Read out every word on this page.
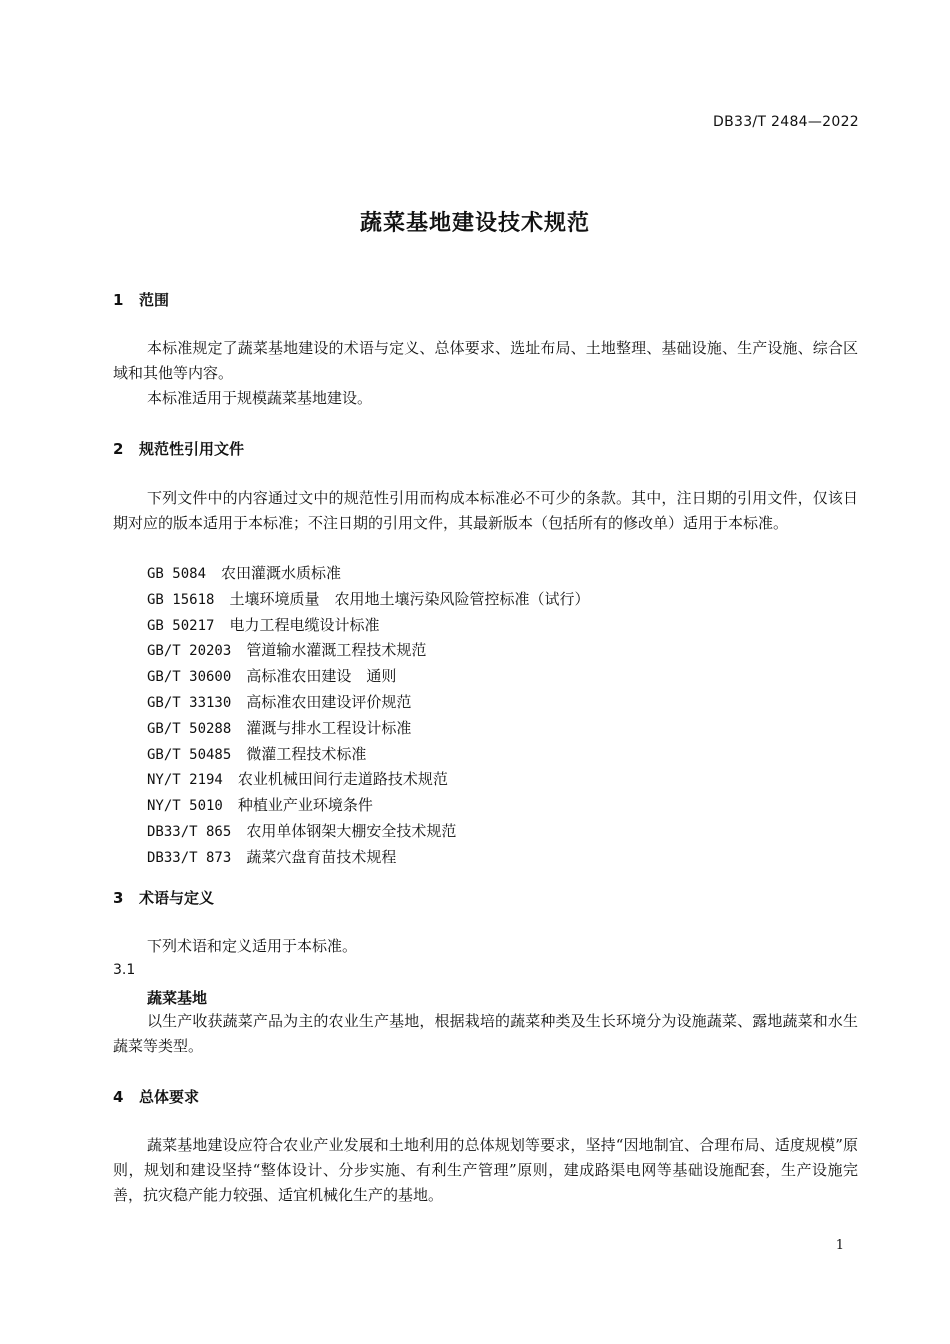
DB33/T 2484—2022
蔬菜基地建设技术规范
1 范围

本标准规定了蔬菜基地建设的术语与定义、总体要求、选址布局、土地整理、基础设施、生产设施、综合区域和其他等内容。

本标准适用于规模蔬菜基地建设。

2 规范性引用文件

下列文件中的内容通过文中的规范性引用而构成本标准必不可少的条款。其中，注日期的引用文件，仅该日期对应的版本适用于本标准；不注日期的引用文件，其最新版本（包括所有的修改单）适用于本标准。

GB 5084　 农田灌溉水质标准
GB 15618　 土壤环境质量　农用地土壤污染风险管控标准（试行）
GB 50217　 电力工程电缆设计标准
GB/T 20203　 管道输水灌溉工程技术规范
GB/T 30600　 高标准农田建设　通则
GB/T 33130　 高标准农田建设评价规范
GB/T 50288　 灌溉与排水工程设计标准
GB/T 50485　 微灌工程技术标准
NY/T 2194　 农业机械田间行走道路技术规范
NY/T 5010　 种植业产业环境条件
DB33/T 865　 农用单体钢架大棚安全技术规范
DB33/T 873　 蔬菜穴盘育苗技术规程
3 术语与定义

下列术语和定义适用于本标准。

3.1
蔬菜基地

以生产收获蔬菜产品为主的农业生产基地，根据栽培的蔬菜种类及生长环境分为设施蔬菜、露地蔬菜和水生蔬菜等类型。

4 总体要求

蔬菜基地建设应符合农业产业发展和土地利用的总体规划等要求，坚持“因地制宜、合理布局、适度规模”原则，规划和建设坚持“整体设计、分步实施、有利生产管理”原则，建成路渠电网等基础设施配套，生产设施完善，抗灾稳产能力较强、适宜机械化生产的基地。

1
